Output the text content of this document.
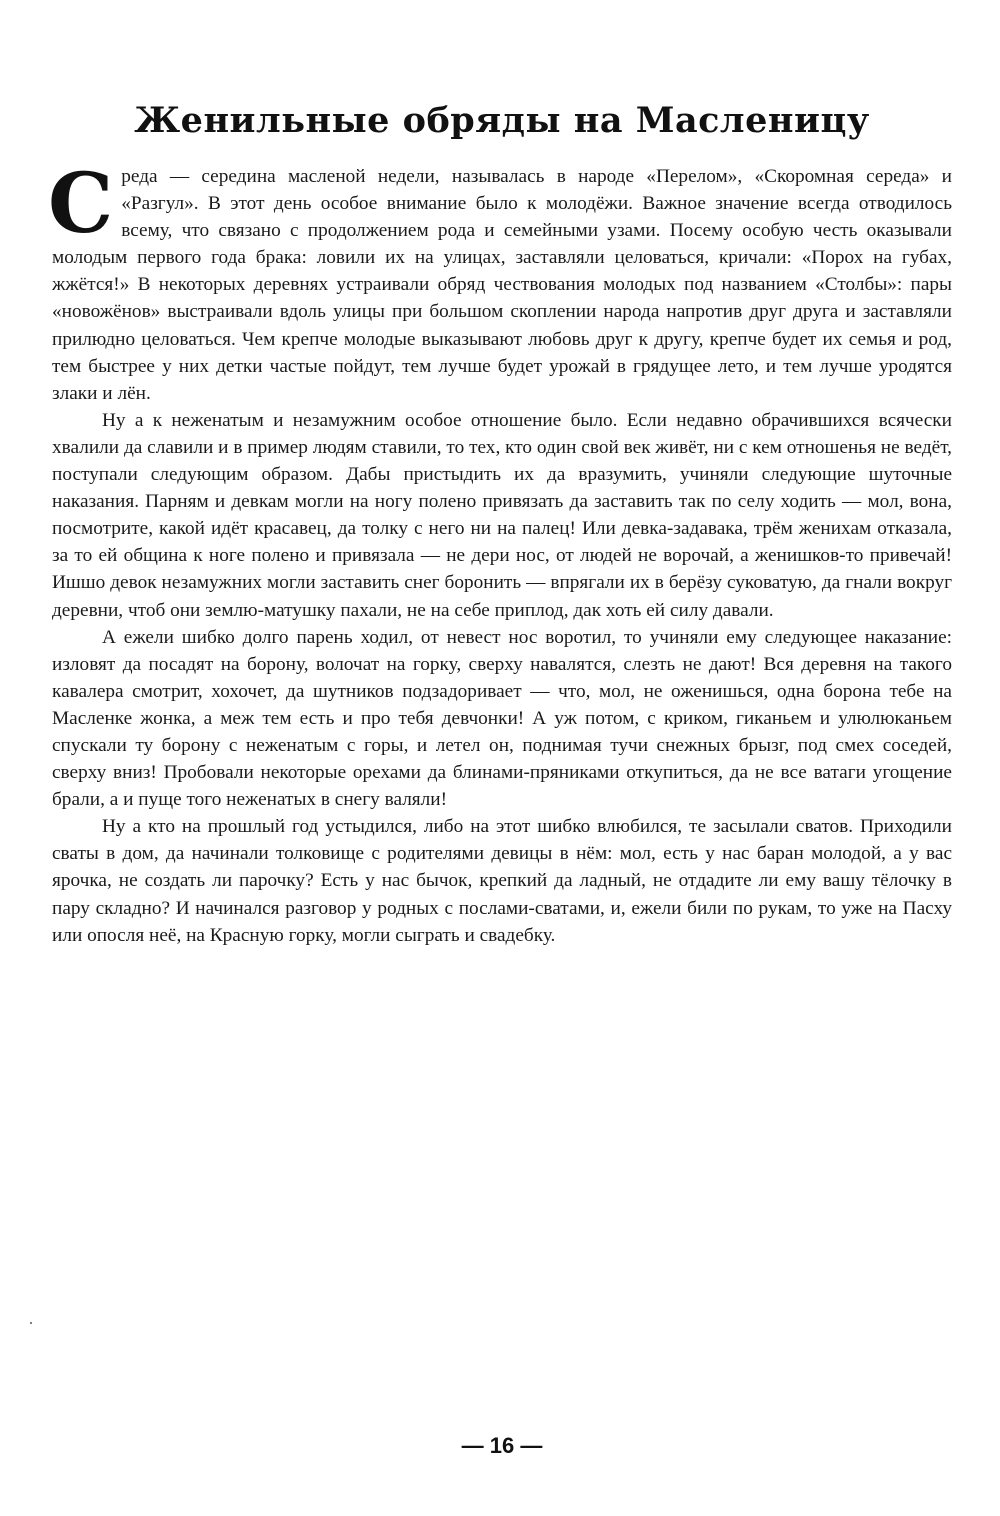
Женильные обряды на Масленицу

Среда — середина масленой недели, называлась в народе «Перелом», «Скоромная середа» и «Разгул». В этот день особое внимание было к молодёжи. Важное значение всегда отводилось всему, что связано с продолжением рода и семейными узами. Посему особую честь оказывали молодым первого года брака: ловили их на улицах, заставляли целоваться, кричали: «Порох на губах, жжётся!» В некоторых деревнях устраивали обряд чествования молодых под названием «Столбы»: пары «новожёнов» выстраивали вдоль улицы при большом скоплении народа напротив друг друга и заставляли прилюдно целоваться. Чем крепче молодые выказывают любовь друг к другу, крепче будет их семья и род, тем быстрее у них детки частые пойдут, тем лучше будет урожай в грядущее лето, и тем лучше уродятся злаки и лён.

Ну а к неженатым и незамужним особое отношение было. Если недавно обрачившихся всячески хвалили да славили и в пример людям ставили, то тех, кто один свой век живёт, ни с кем отношенья не ведёт, поступали следующим образом. Дабы пристыдить их да вразумить, учиняли следующие шуточные наказания. Парням и девкам могли на ногу полено привязать да заставить так по селу ходить — мол, вона, посмотрите, какой идёт красавец, да толку с него ни на палец! Или девка-задавака, трём женихам отказала, за то ей община к ноге полено и привязала — не дери нос, от людей не ворочай, а женишков-то привечай! Ишшо девок незамужних могли заставить снег боронить — впрягали их в берёзу суковатую, да гнали вокруг деревни, чтоб они землю-матушку пахали, не на себе приплод, дак хоть ей силу давали.

А ежели шибко долго парень ходил, от невест нос воротил, то учиняли ему следующее наказание: изловят да посадят на борону, волочат на горку, сверху навалятся, слезть не дают! Вся деревня на такого кавалера смотрит, хохочет, да шутников подзадоривает — что, мол, не оженишься, одна борона тебе на Масленке жонка, а меж тем есть и про тебя девчонки! А уж потом, с криком, гиканьем и улюлюканьем спускали ту борону с неженатым с горы, и летел он, поднимая тучи снежных брызг, под смех соседей, сверху вниз! Пробовали некоторые орехами да блинами-пряниками откупиться, да не все ватаги угощение брали, а и пуще того неженатых в снегу валяли!

Ну а кто на прошлый год устыдился, либо на этот шибко влюбился, те засылали сватов. Приходили сваты в дом, да начинали толковище с родителями девицы в нём: мол, есть у нас баран молодой, а у вас ярочка, не создать ли парочку? Есть у нас бычок, крепкий да ладный, не отдадите ли ему вашу тёлочку в пару складно? И начинался разговор у родных с послами-сватами, и, ежели били по рукам, то уже на Пасху или опосля неё, на Красную горку, могли сыграть и свадебку.

— 16 —
